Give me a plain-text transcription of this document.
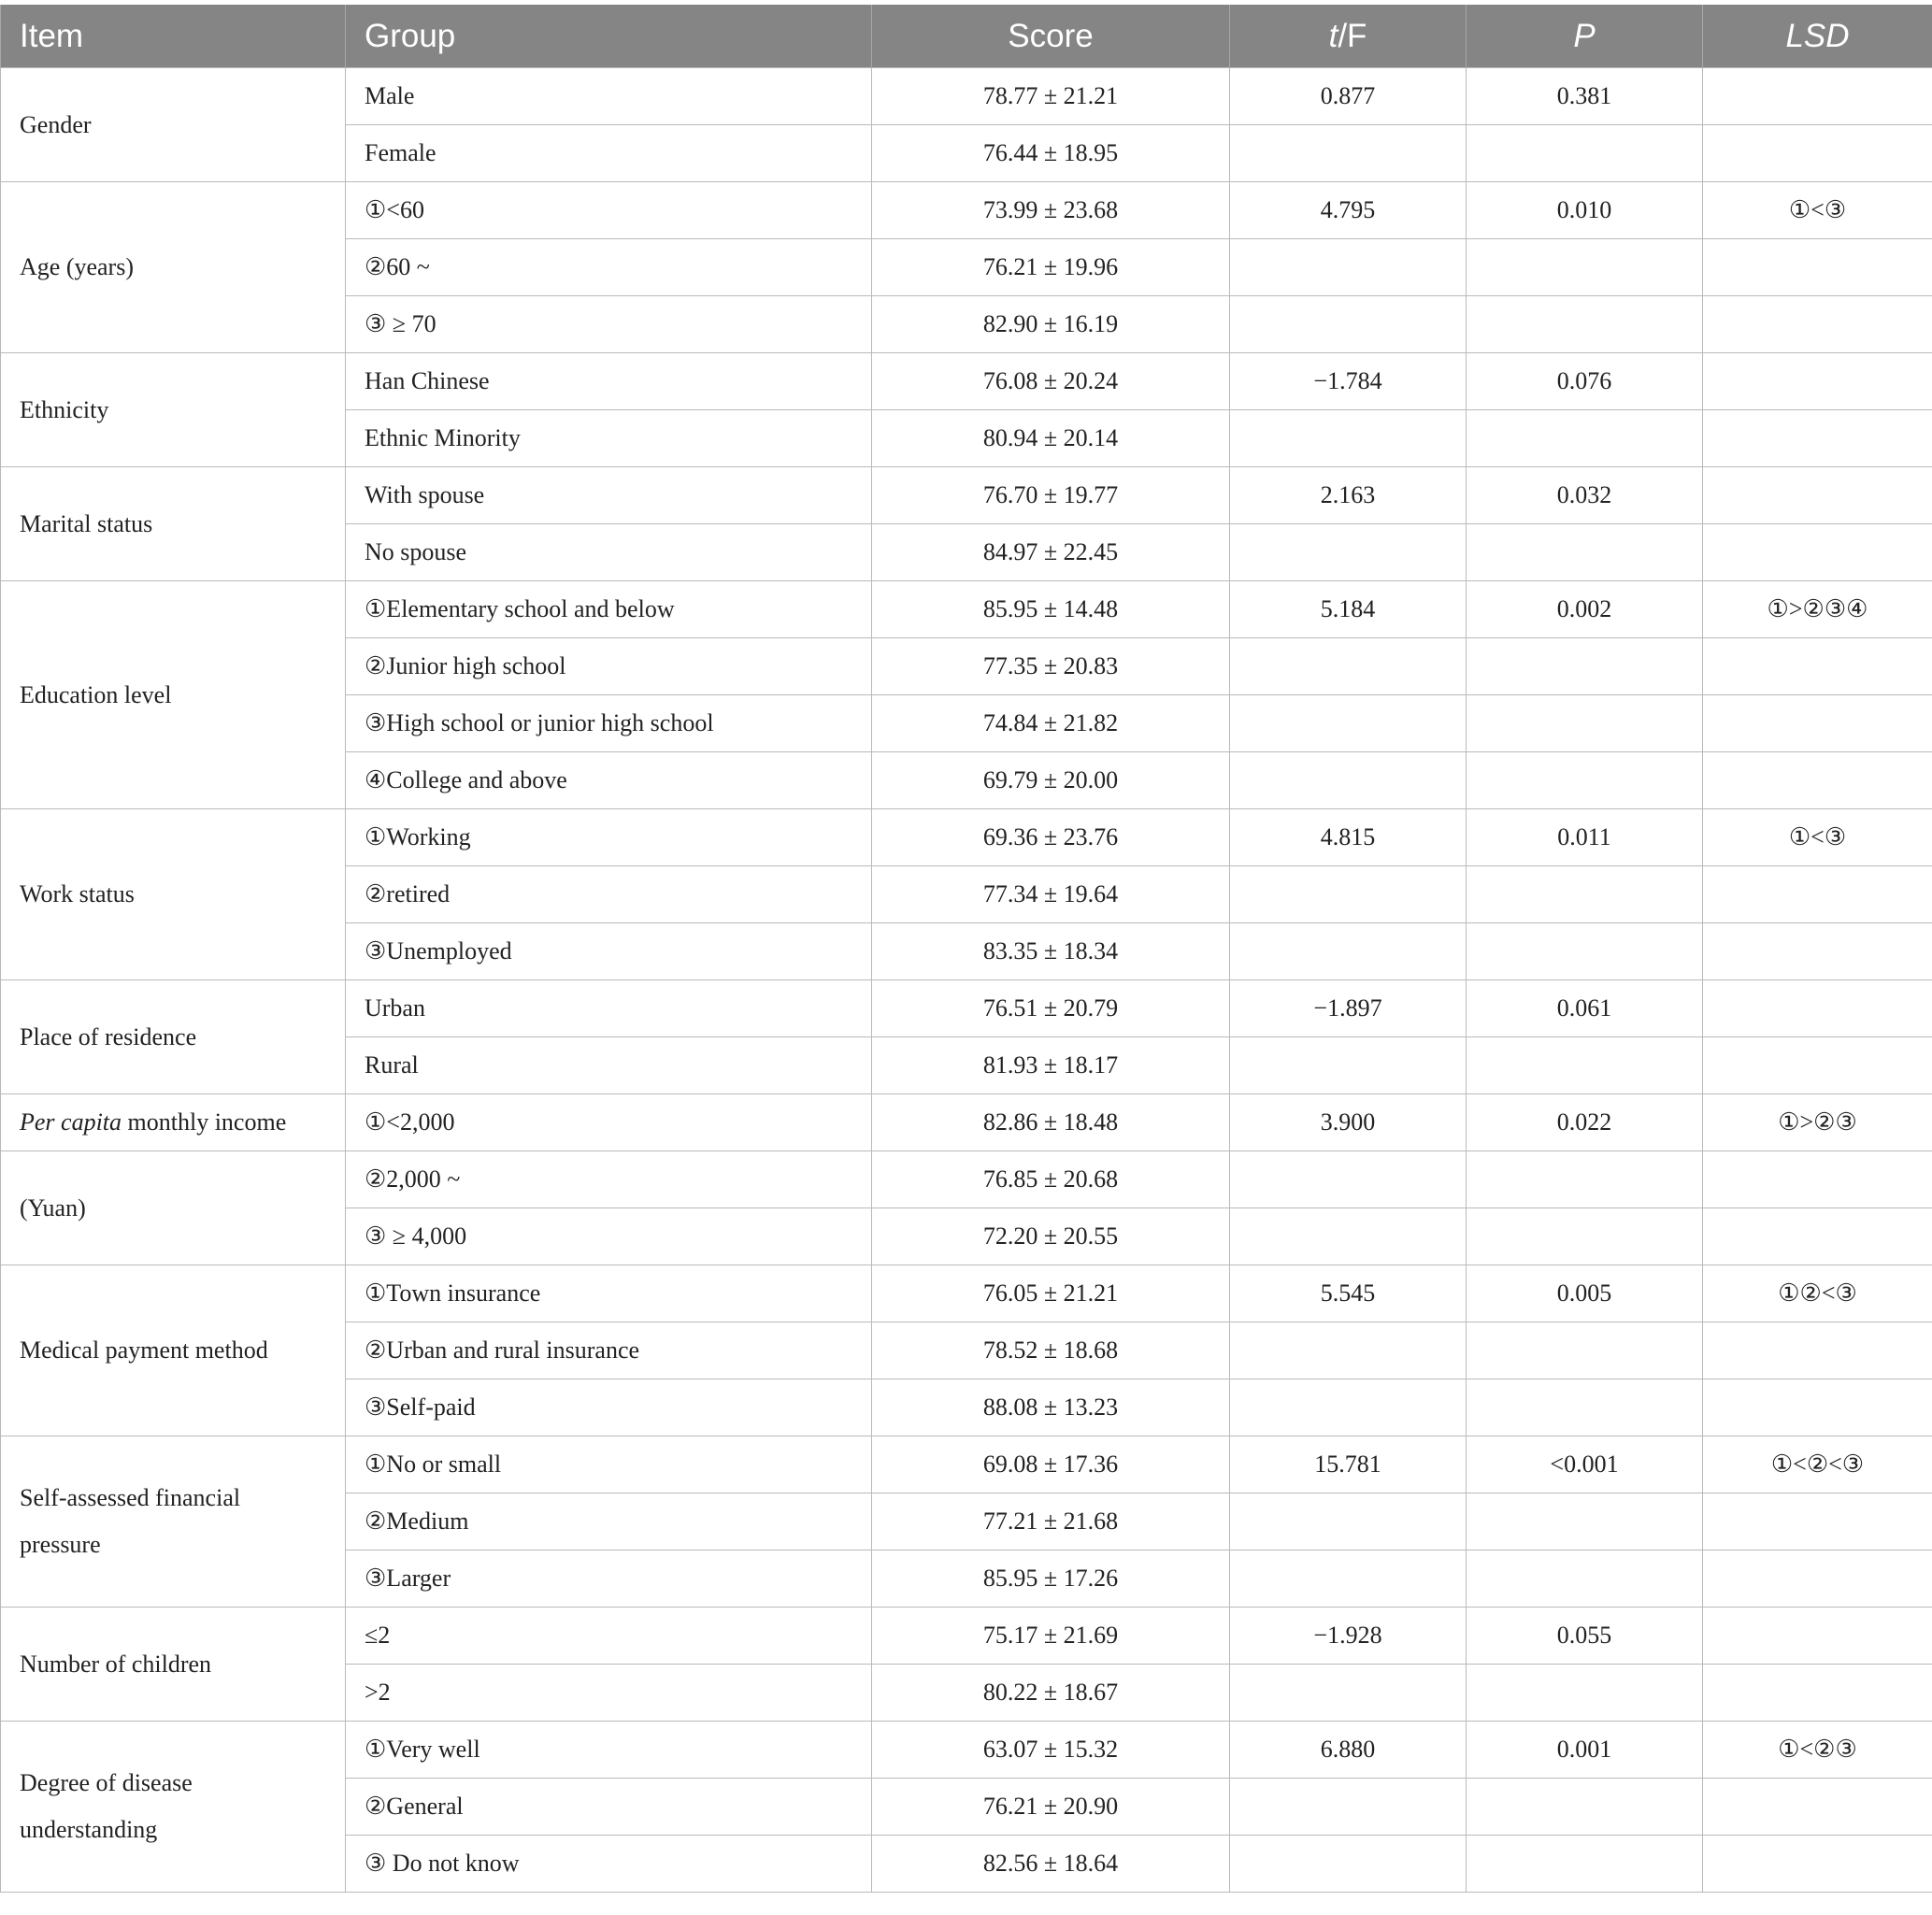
Item	Group	Score	t/F	P	LSD
Gender	Male	78.77 ± 21.21	0.877	0.381	
	Female	76.44 ± 18.95			
Age (years)	①<60	73.99 ± 23.68	4.795	0.010	①<③
	②60 ~	76.21 ± 19.96			
	③ ≥ 70	82.90 ± 16.19			
Ethnicity	Han Chinese	76.08 ± 20.24	−1.784	0.076	
	Ethnic Minority	80.94 ± 20.14			
Marital status	With spouse	76.70 ± 19.77	2.163	0.032	
	No spouse	84.97 ± 22.45			
Education level	①Elementary school and below	85.95 ± 14.48	5.184	0.002	①>②③④
	②Junior high school	77.35 ± 20.83			
	③High school or junior high school	74.84 ± 21.82			
	④College and above	69.79 ± 20.00			
Work status	①Working	69.36 ± 23.76	4.815	0.011	①<③
	②retired	77.34 ± 19.64			
	③Unemployed	83.35 ± 18.34			
Place of residence	Urban	76.51 ± 20.79	−1.897	0.061	
	Rural	81.93 ± 18.17			
Per capita monthly income	①<2,000	82.86 ± 18.48	3.900	0.022	①>②③
(Yuan)	②2,000 ~	76.85 ± 20.68			
	③ ≥ 4,000	72.20 ± 20.55			
Medical payment method	①Town insurance	76.05 ± 21.21	5.545	0.005	①②<③
	②Urban and rural insurance	78.52 ± 18.68			
	③Self-paid	88.08 ± 13.23			
Self-assessed financial pressure	①No or small	69.08 ± 17.36	15.781	<0.001	①<②<③
	②Medium	77.21 ± 21.68			
	③Larger	85.95 ± 17.26			
Number of children	≤2	75.17 ± 21.69	−1.928	0.055	
	>2	80.22 ± 18.67			
Degree of disease understanding	①Very well	63.07 ± 15.32	6.880	0.001	①<②③
	②General	76.21 ± 20.90			
	③ Do not know	82.56 ± 18.64			
